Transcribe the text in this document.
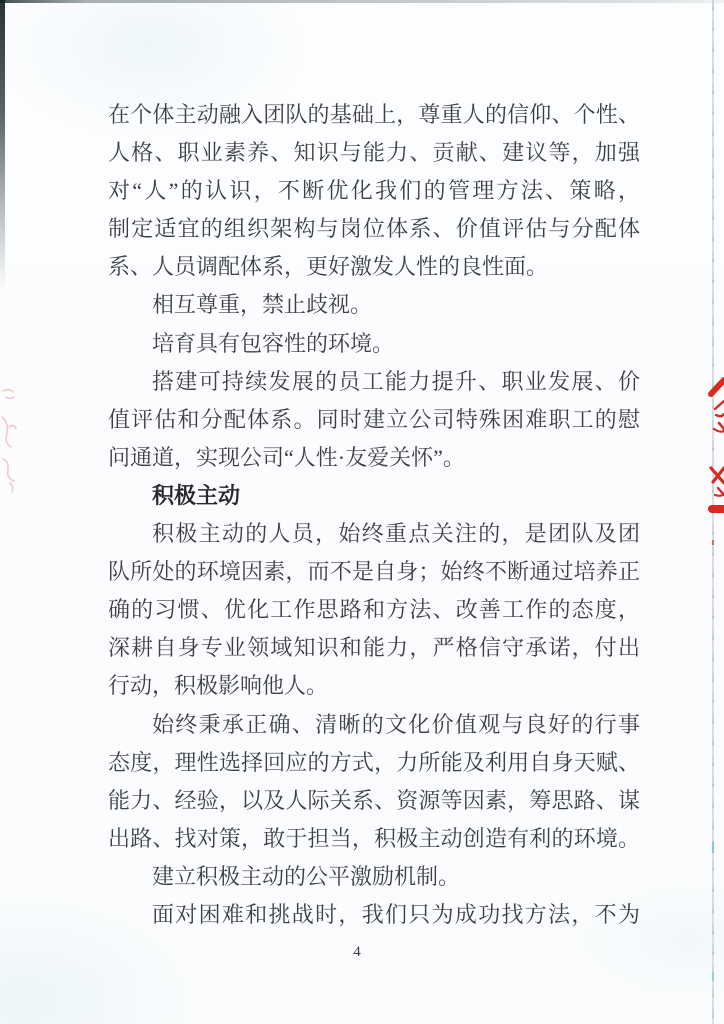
在个体主动融入团队的基础上，尊重人的信仰、个性、
人格、职业素养、知识与能力、贡献、建议等，加强
对“人”的认识，不断优化我们的管理方法、策略，
制定适宜的组织架构与岗位体系、价值评估与分配体
系、人员调配体系，更好激发人性的良性面。
相互尊重，禁止歧视。
培育具有包容性的环境。
搭建可持续发展的员工能力提升、职业发展、价
值评估和分配体系。同时建立公司特殊困难职工的慰
问通道，实现公司“人性·友爱关怀”。
积极主动
积极主动的人员，始终重点关注的，是团队及团
队所处的环境因素，而不是自身；始终不断通过培养正
确的习惯、优化工作思路和方法、改善工作的态度，
深耕自身专业领域知识和能力，严格信守承诺，付出
行动，积极影响他人。
始终秉承正确、清晰的文化价值观与良好的行事
态度，理性选择回应的方式，力所能及利用自身天赋、
能力、经验，以及人际关系、资源等因素，筹思路、谋
出路、找对策，敢于担当，积极主动创造有利的环境。
建立积极主动的公平激励机制。
面对困难和挑战时，我们只为成功找方法，不为
4
